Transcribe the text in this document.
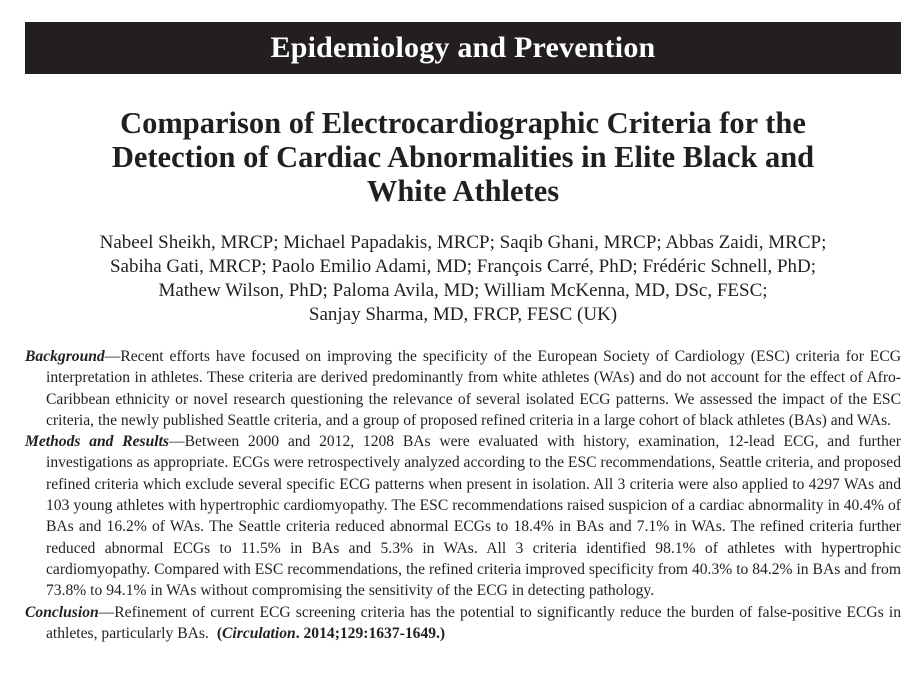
Epidemiology and Prevention
Comparison of Electrocardiographic Criteria for the
Detection of Cardiac Abnormalities in Elite Black and
White Athletes
Nabeel Sheikh, MRCP; Michael Papadakis, MRCP; Saqib Ghani, MRCP; Abbas Zaidi, MRCP;
Sabiha Gati, MRCP; Paolo Emilio Adami, MD; François Carré, PhD; Frédéric Schnell, PhD;
Mathew Wilson, PhD; Paloma Avila, MD; William McKenna, MD, DSc, FESC;
Sanjay Sharma, MD, FRCP, FESC (UK)

Background—Recent efforts have focused on improving the specificity of the European Society of Cardiology (ESC) criteria for ECG interpretation in athletes. These criteria are derived predominantly from white athletes (WAs) and do not account for the effect of Afro-Caribbean ethnicity or novel research questioning the relevance of several isolated ECG patterns. We assessed the impact of the ESC criteria, the newly published Seattle criteria, and a group of proposed refined criteria in a large cohort of black athletes (BAs) and WAs.

Methods and Results—Between 2000 and 2012, 1208 BAs were evaluated with history, examination, 12-lead ECG, and further investigations as appropriate. ECGs were retrospectively analyzed according to the ESC recommendations, Seattle criteria, and proposed refined criteria which exclude several specific ECG patterns when present in isolation. All 3 criteria were also applied to 4297 WAs and 103 young athletes with hypertrophic cardiomyopathy. The ESC recommendations raised suspicion of a cardiac abnormality in 40.4% of BAs and 16.2% of WAs. The Seattle criteria reduced abnormal ECGs to 18.4% in BAs and 7.1% in WAs. The refined criteria further reduced abnormal ECGs to 11.5% in BAs and 5.3% in WAs. All 3 criteria identified 98.1% of athletes with hypertrophic cardiomyopathy. Compared with ESC recommendations, the refined criteria improved specificity from 40.3% to 84.2% in BAs and from 73.8% to 94.1% in WAs without compromising the sensitivity of the ECG in detecting pathology.

Conclusion—Refinement of current ECG screening criteria has the potential to significantly reduce the burden of false-positive ECGs in athletes, particularly BAs. (Circulation. 2014;129:1637-1649.)
